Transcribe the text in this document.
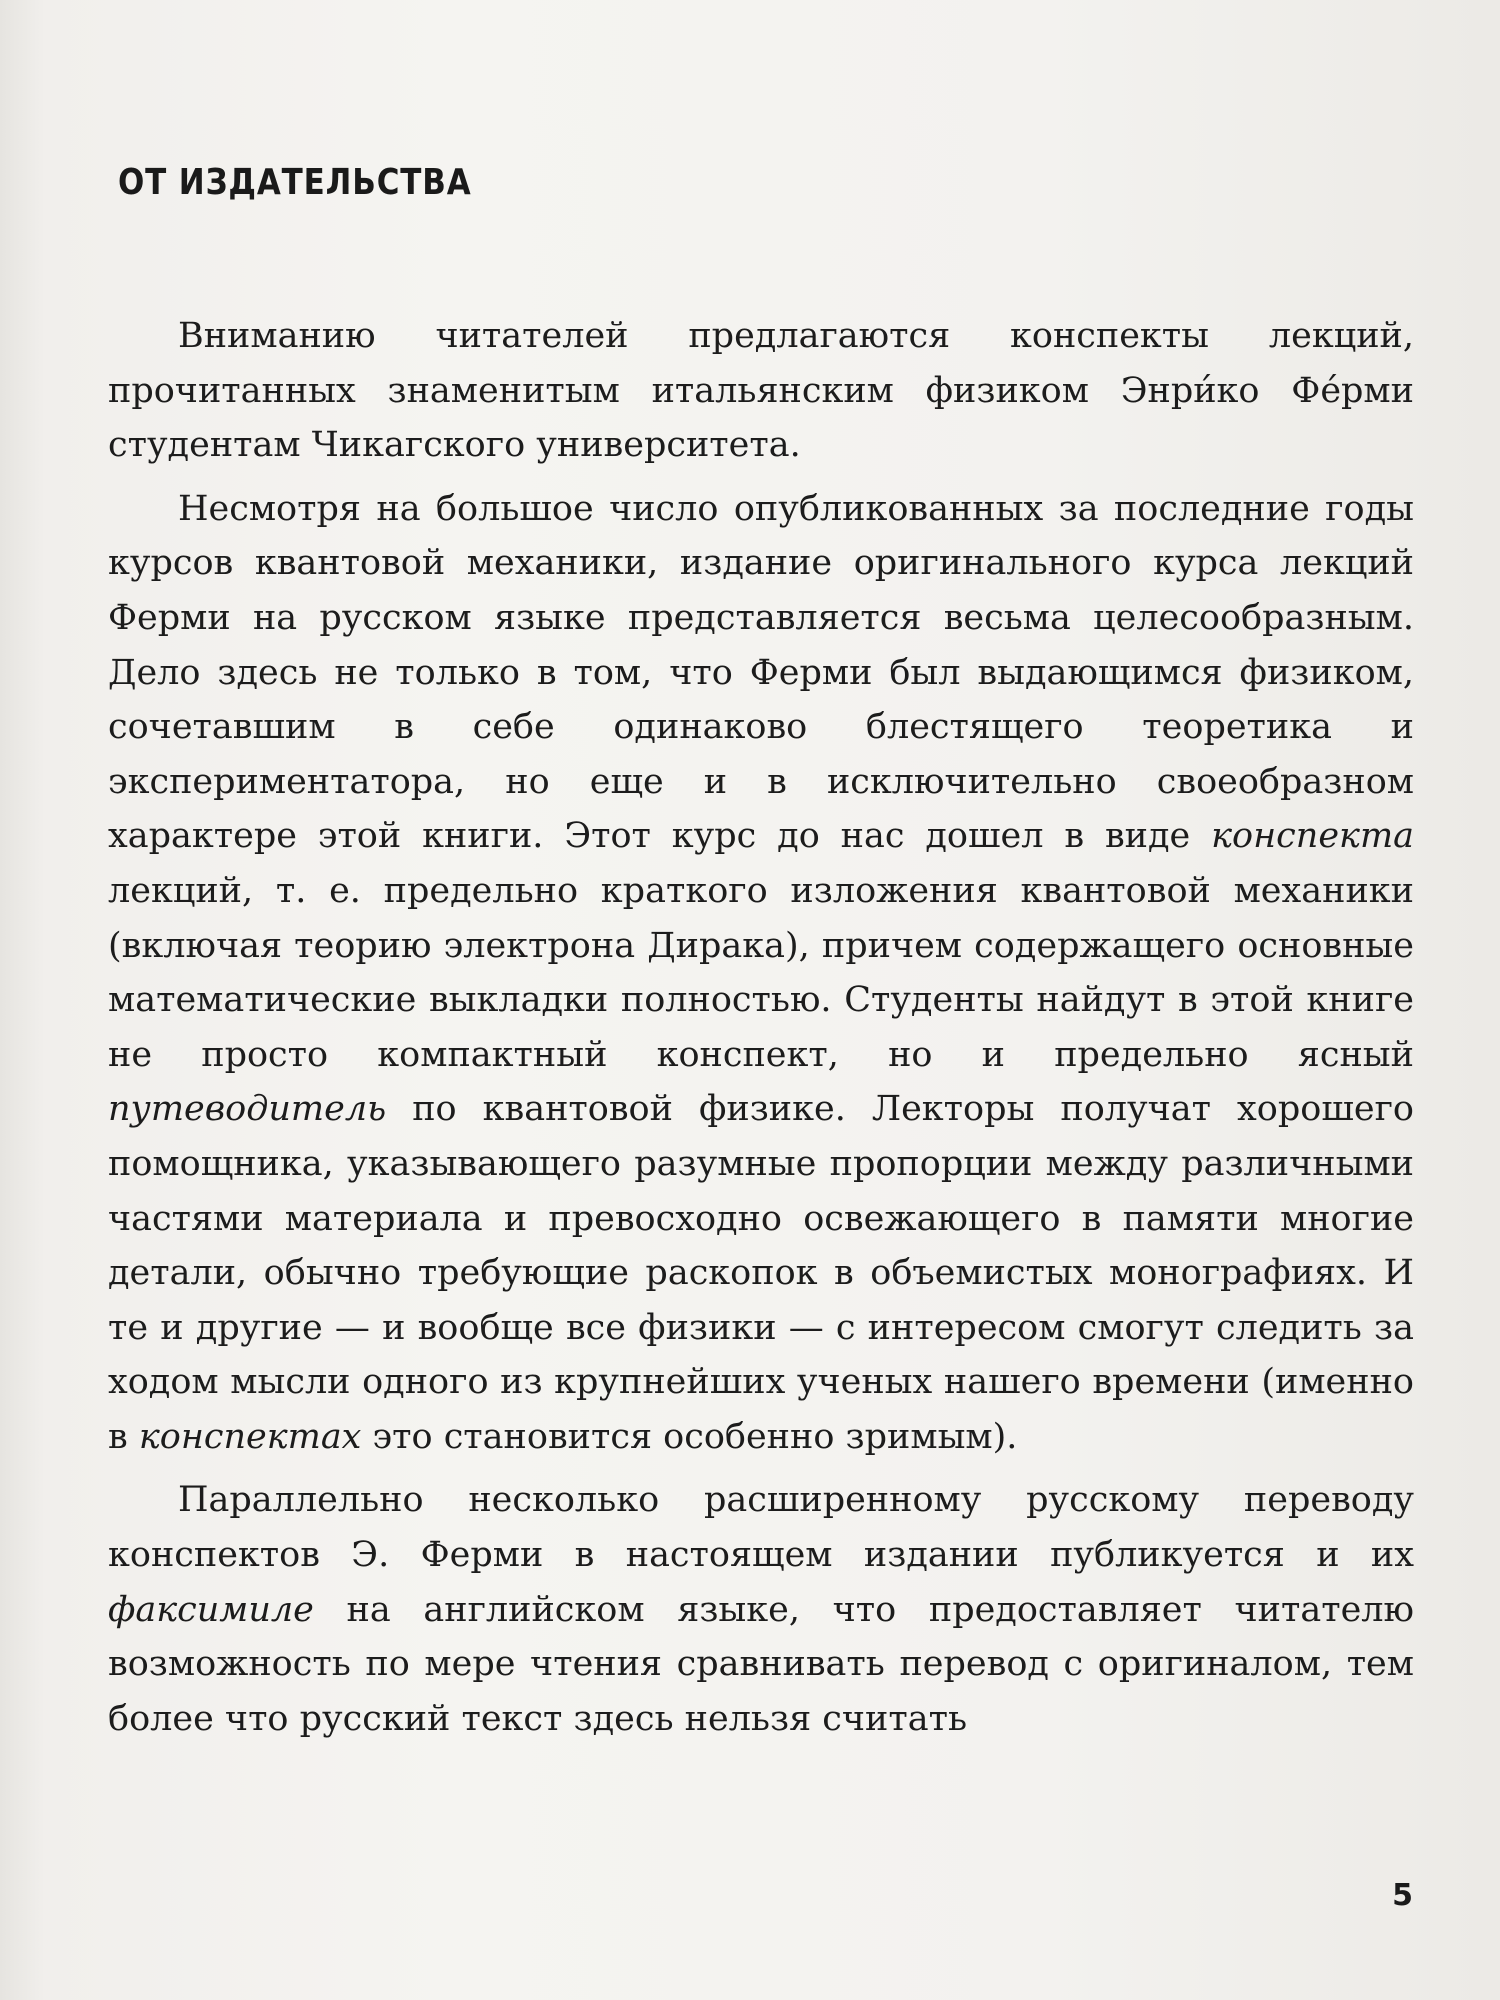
ОТ ИЗДАТЕЛЬСТВА

Вниманию читателей предлагаются конспекты лекций, прочитанных знаменитым итальянским физиком Энри́ко Фе́рми студентам Чикагского университета.

Несмотря на большое число опубликованных за последние годы курсов квантовой механики, издание оригинального курса лекций Ферми на русском языке представляется весьма целесообразным. Дело здесь не только в том, что Ферми был выдающимся физиком, сочетавшим в себе одинаково блестящего теоретика и экспериментатора, но еще и в исключительно своеобразном характере этой книги. Этот курс до нас дошел в виде конспекта лекций, т. е. предельно краткого изложения квантовой механики (включая теорию электрона Дирака), причем содержащего основные математические выкладки полностью. Студенты найдут в этой книге не просто компактный конспект, но и предельно ясный путеводитель по квантовой физике. Лекторы получат хорошего помощника, указывающего разумные пропорции между различными частями материала и превосходно освежающего в памяти многие детали, обычно требующие раскопок в объемистых монографиях. И те и другие — и вообще все физики — с интересом смогут следить за ходом мысли одного из крупнейших ученых нашего времени (именно в конспектах это становится особенно зримым).

Параллельно несколько расширенному русскому переводу конспектов Э. Ферми в настоящем издании публикуется и их факсимиле на английском языке, что предоставляет читателю возможность по мере чтения сравнивать перевод с оригиналом, тем более что русский текст здесь нельзя считать

5
